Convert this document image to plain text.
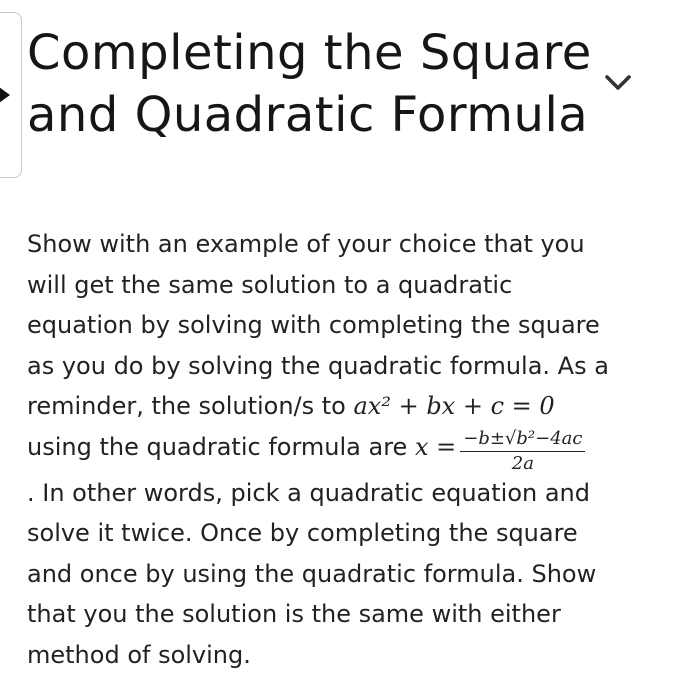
Completing the Square
and Quadratic Formula
Show with an example of your choice that you
will get the same solution to a quadratic
equation by solving with completing the square
as you do by solving the quadratic formula. As a
reminder, the solution/s to ax² + bx + c = 0
using the quadratic formula are $x = \frac{\text{−b±√b²−4ac}}{2a}$
. In other words, pick a quadratic equation and
solve it twice. Once by completing the square
and once by using the quadratic formula. Show
that you the solution is the same with either
method of solving.
